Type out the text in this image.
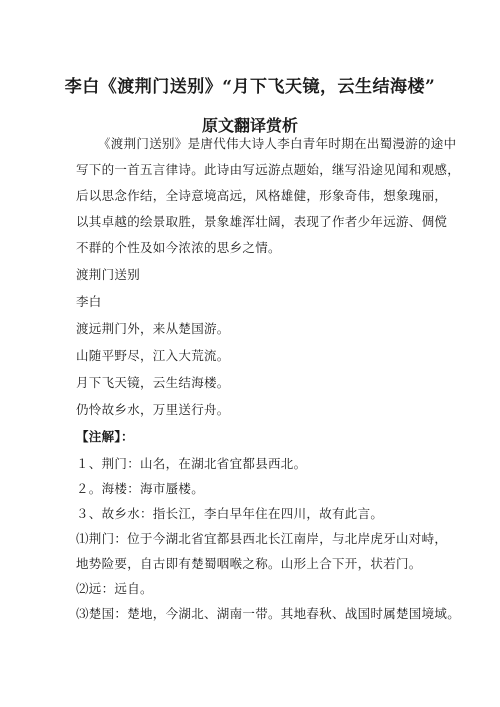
李白《渡荆门送别》“月下飞天镜，云生结海楼”
原文翻译赏析
《渡荆门送别》是唐代伟大诗人李白青年时期在出蜀漫游的途中
写下的一首五言律诗。此诗由写远游点题始，继写沿途见闻和观感，
后以思念作结，全诗意境高远，风格雄健，形象奇伟，想象瑰丽，
以其卓越的绘景取胜，景象雄浑壮阔，表现了作者少年远游、倜傥
不群的个性及如今浓浓的思乡之情。
渡荆门送别
李白
渡远荆门外，来从楚国游。
山随平野尽，江入大荒流。
月下飞天镜，云生结海楼。
仍怜故乡水，万里送行舟。
【注解】：
１、荆门：山名，在湖北省宜都县西北。
２。海楼：海市蜃楼。
３、故乡水：指长江，李白早年住在四川，故有此言。
⑴荆门：位于今湖北省宜都县西北长江南岸，与北岸虎牙山对峙，
地势险要，自古即有楚蜀咽喉之称。山形上合下开，状若门。
⑵远：远自。
⑶楚国：楚地，今湖北、湖南一带。其地春秋、战国时属楚国境域。
